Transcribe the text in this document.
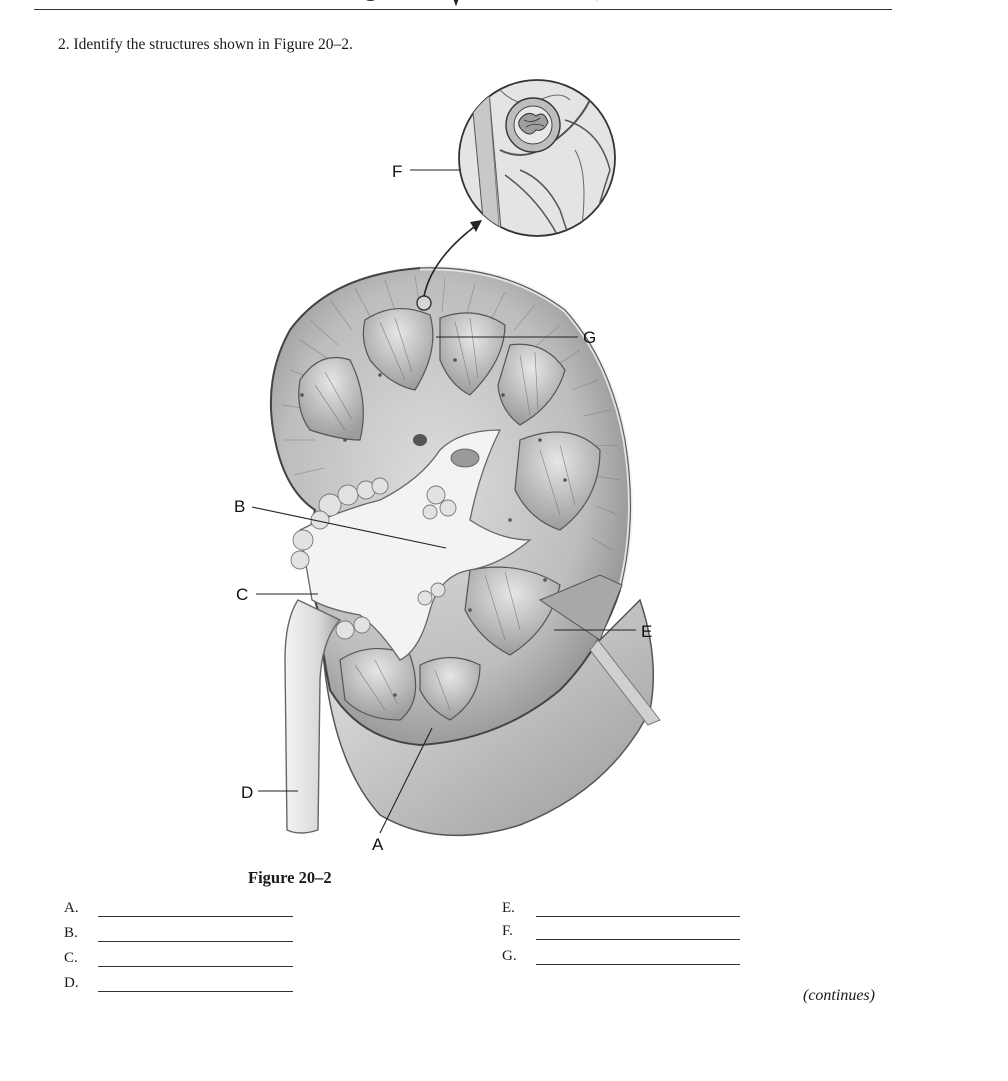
2. Identify the structures shown in Figure 20–2.
F
G
B
C
E
D
A
Figure 20–2
A.
B.
C.
D.
E.
F.
G.
(continues)
